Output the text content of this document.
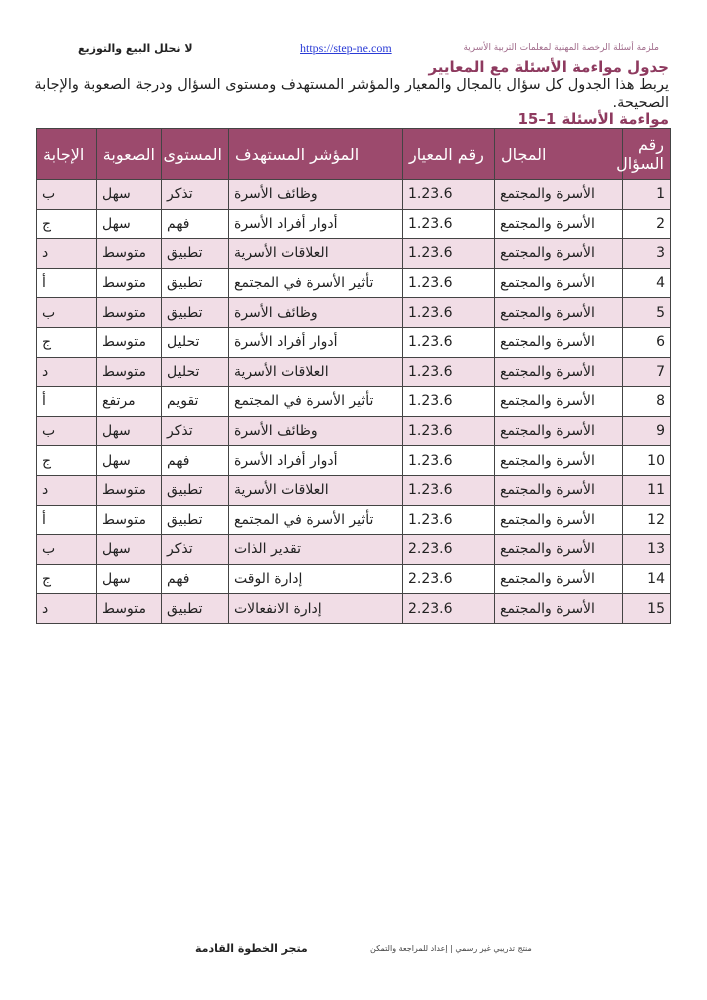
لا نحلل البيع والتوزيع	https://step-ne.com	ملزمة أسئلة الرخصة المهنية لمعلمات التربية الأسرية
جدول مواءمة الأسئلة مع المعايير
يربط هذا الجدول كل سؤال بالمجال والمعيار والمؤشر المستهدف ومستوى السؤال ودرجة الصعوبة والإجابة الصحيحة.
مواءمة الأسئلة 1–15
رقم السؤال	المجال	رقم المعيار	المؤشر المستهدف	المستوى	الصعوبة	الإجابة
1	الأسرة والمجتمع	1.23.6	وظائف الأسرة	تذكر	سهل	ب
2	الأسرة والمجتمع	1.23.6	أدوار أفراد الأسرة	فهم	سهل	ج
3	الأسرة والمجتمع	1.23.6	العلاقات الأسرية	تطبيق	متوسط	د
4	الأسرة والمجتمع	1.23.6	تأثير الأسرة في المجتمع	تطبيق	متوسط	أ
5	الأسرة والمجتمع	1.23.6	وظائف الأسرة	تطبيق	متوسط	ب
6	الأسرة والمجتمع	1.23.6	أدوار أفراد الأسرة	تحليل	متوسط	ج
7	الأسرة والمجتمع	1.23.6	العلاقات الأسرية	تحليل	متوسط	د
8	الأسرة والمجتمع	1.23.6	تأثير الأسرة في المجتمع	تقويم	مرتفع	أ
9	الأسرة والمجتمع	1.23.6	وظائف الأسرة	تذكر	سهل	ب
10	الأسرة والمجتمع	1.23.6	أدوار أفراد الأسرة	فهم	سهل	ج
11	الأسرة والمجتمع	1.23.6	العلاقات الأسرية	تطبيق	متوسط	د
12	الأسرة والمجتمع	1.23.6	تأثير الأسرة في المجتمع	تطبيق	متوسط	أ
13	الأسرة والمجتمع	2.23.6	تقدير الذات	تذكر	سهل	ب
14	الأسرة والمجتمع	2.23.6	إدارة الوقت	فهم	سهل	ج
15	الأسرة والمجتمع	2.23.6	إدارة الانفعالات	تطبيق	متوسط	د
منتج تدريبي غير رسمي | إعداد للمراجعة والتمكن
متجر الخطوة القادمة
